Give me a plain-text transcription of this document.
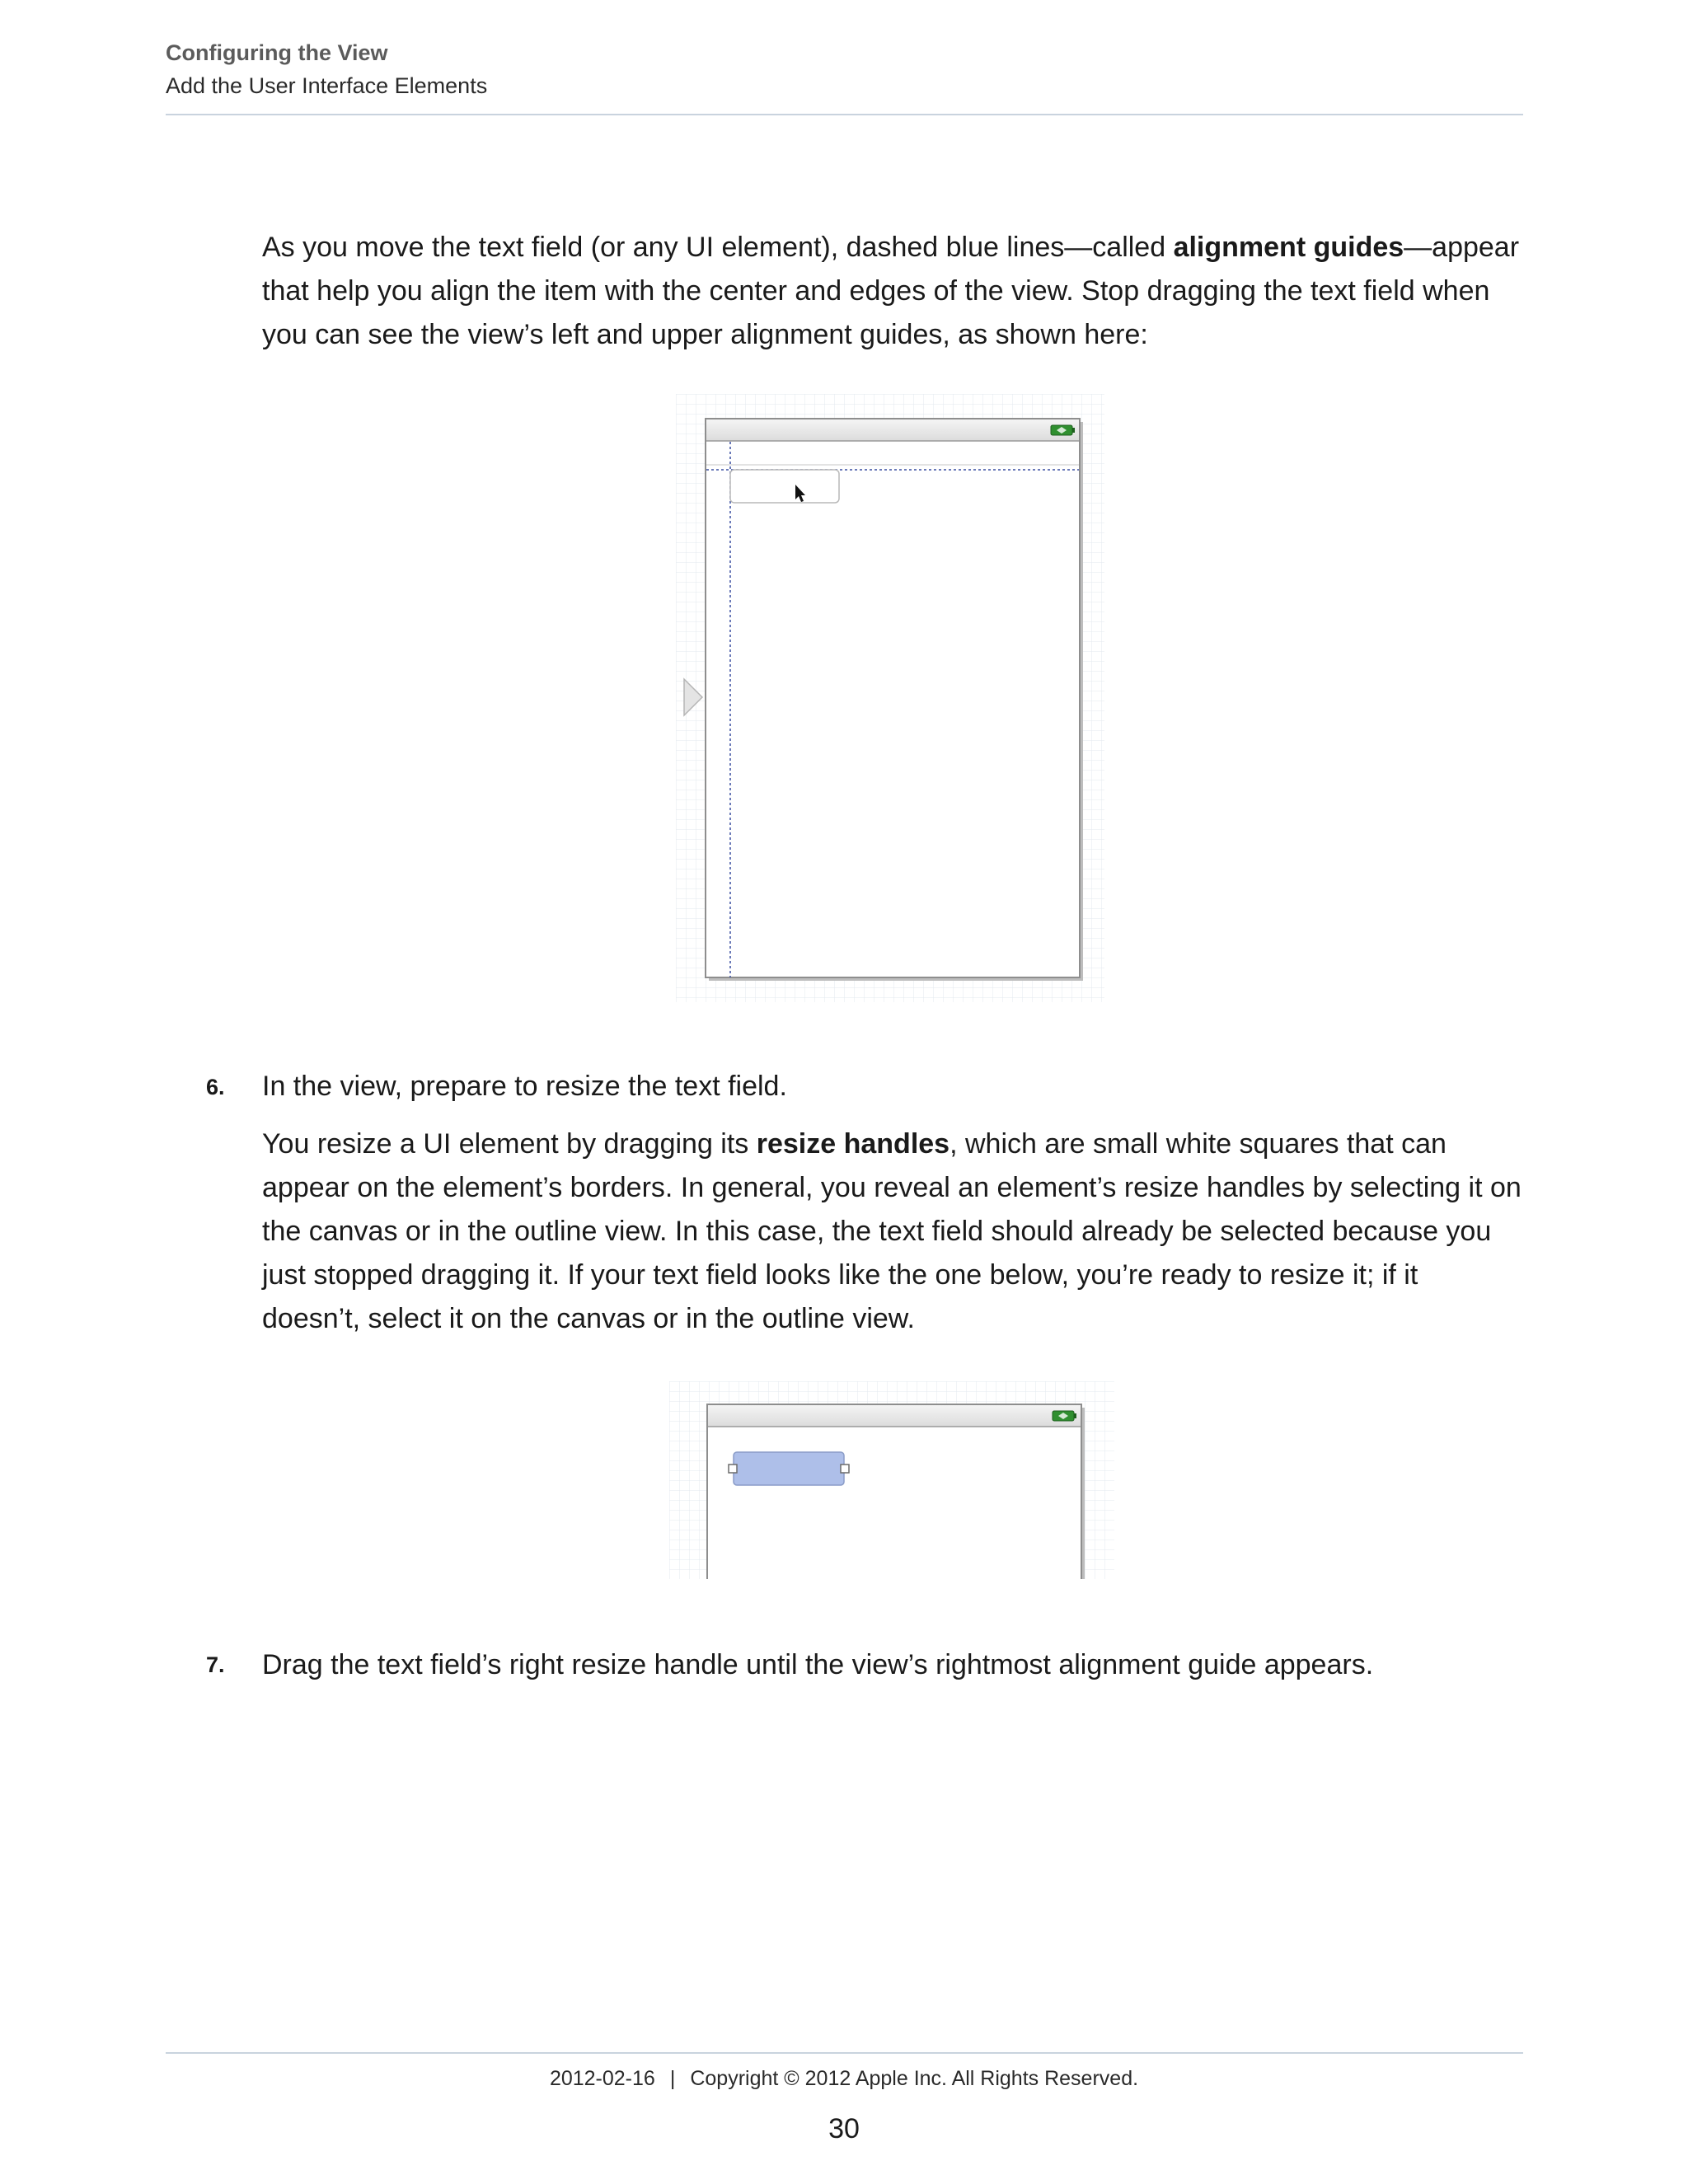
Configuring the View
Add the User Interface Elements
As you move the text field (or any UI element), dashed blue lines—called alignment guides—appear that help you align the item with the center and edges of the view. Stop dragging the text field when you can see the view’s left and upper alignment guides, as shown here:
6. In the view, prepare to resize the text field.
You resize a UI element by dragging its resize handles, which are small white squares that can appear on the element’s borders. In general, you reveal an element’s resize handles by selecting it on the canvas or in the outline view. In this case, the text field should already be selected because you just stopped dragging it. If your text field looks like the one below, you’re ready to resize it; if it doesn’t, select it on the canvas or in the outline view.
7. Drag the text field’s right resize handle until the view’s rightmost alignment guide appears.
2012-02-16 | Copyright © 2012 Apple Inc. All Rights Reserved.
30
